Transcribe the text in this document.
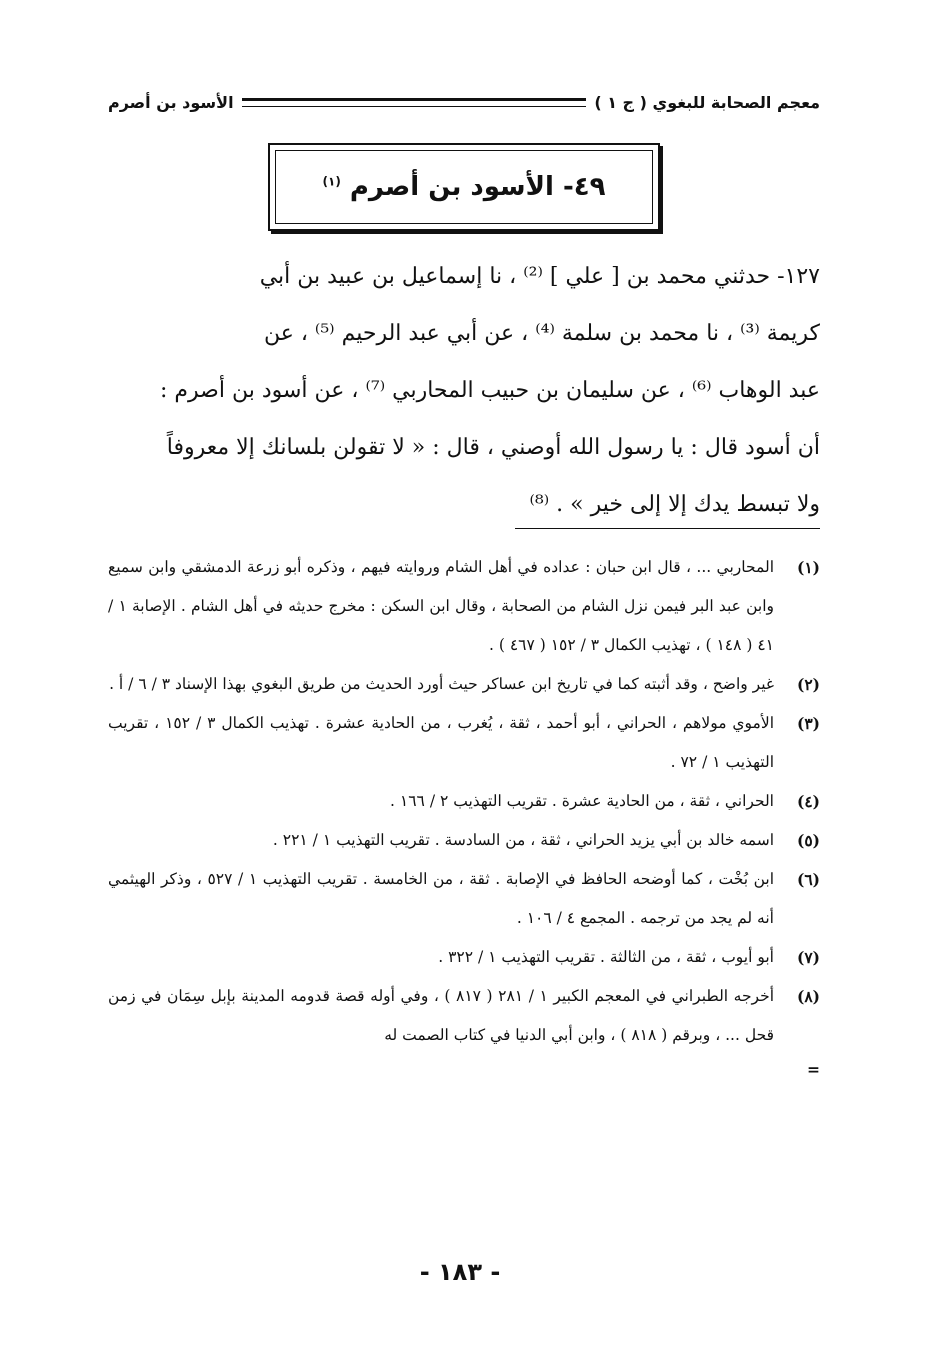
معجم الصحابة للبغوي ( ج ١ )
الأسود بن أصرم
٤٩- الأسود بن أصرم $^{(١)}$

١٢٧- حدثني محمد بن [ علي ] ⁽²⁾ ، نا إسماعيل بن عبيد بن أبي

كريمة ⁽³⁾ ، نا محمد بن سلمة ⁽⁴⁾ ، عن أبي عبد الرحيم ⁽⁵⁾ ، عن

عبد الوهاب ⁽⁶⁾ ، عن سليمان بن حبيب المحاربي ⁽⁷⁾ ، عن أسود بن أصرم :

أن أسود قال : يا رسول الله أوصني ، قال : « لا تقولن بلسانك إلا معروفاً

ولا تبسط يدك إلا إلى خير » . ⁽⁸⁾

(١)
المحاربي ... ، قال ابن حبان : عداده في أهل الشام وروايته فيهم ، وذكره أبو زرعة الدمشقي وابن سميع وابن عبد البر فيمن نزل الشام من الصحابة ، وقال ابن السكن : مخرج حديثه في أهل الشام . الإصابة ١ / ٤١ ( ١٤٨ ) ، تهذيب الكمال ٣ / ١٥٢ ( ٤٦٧ ) .
(٢)
غير واضح ، وقد أثبته كما في تاريخ ابن عساكر حيث أورد الحديث من طريق البغوي بهذا الإسناد ٣ / ٦ / أ .
(٣)
الأموي مولاهم ، الحراني ، أبو أحمد ، ثقة ، يُغرب ، من الحادية عشرة . تهذيب الكمال ٣ / ١٥٢ ، تقريب التهذيب ١ / ٧٢ .
(٤)
الحراني ، ثقة ، من الحادية عشرة . تقريب التهذيب ٢ / ١٦٦ .
(٥)
اسمه خالد بن أبي يزيد الحراني ، ثقة ، من السادسة . تقريب التهذيب ١ / ٢٢١ .
(٦)
ابن بُخْت ، كما أوضحه الحافظ في الإصابة . ثقة ، من الخامسة . تقريب التهذيب ١ / ٥٢٧ ، وذكر الهيثمي أنه لم يجد من ترجمه . المجمع ٤ / ١٠٦ .
(٧)
أبو أيوب ، ثقة ، من الثالثة . تقريب التهذيب ١ / ٣٢٢ .
(٨)
أخرجه الطبراني في المعجم الكبير ١ / ٢٨١ ( ٨١٧ ) ، وفي أوله قصة قدومه المدينة بإبل سِمَان في زمن قحل ... ، وبرقم ( ٨١٨ ) ، وابن أبي الدنيا في كتاب الصمت له
=
- ١٨٣ -
